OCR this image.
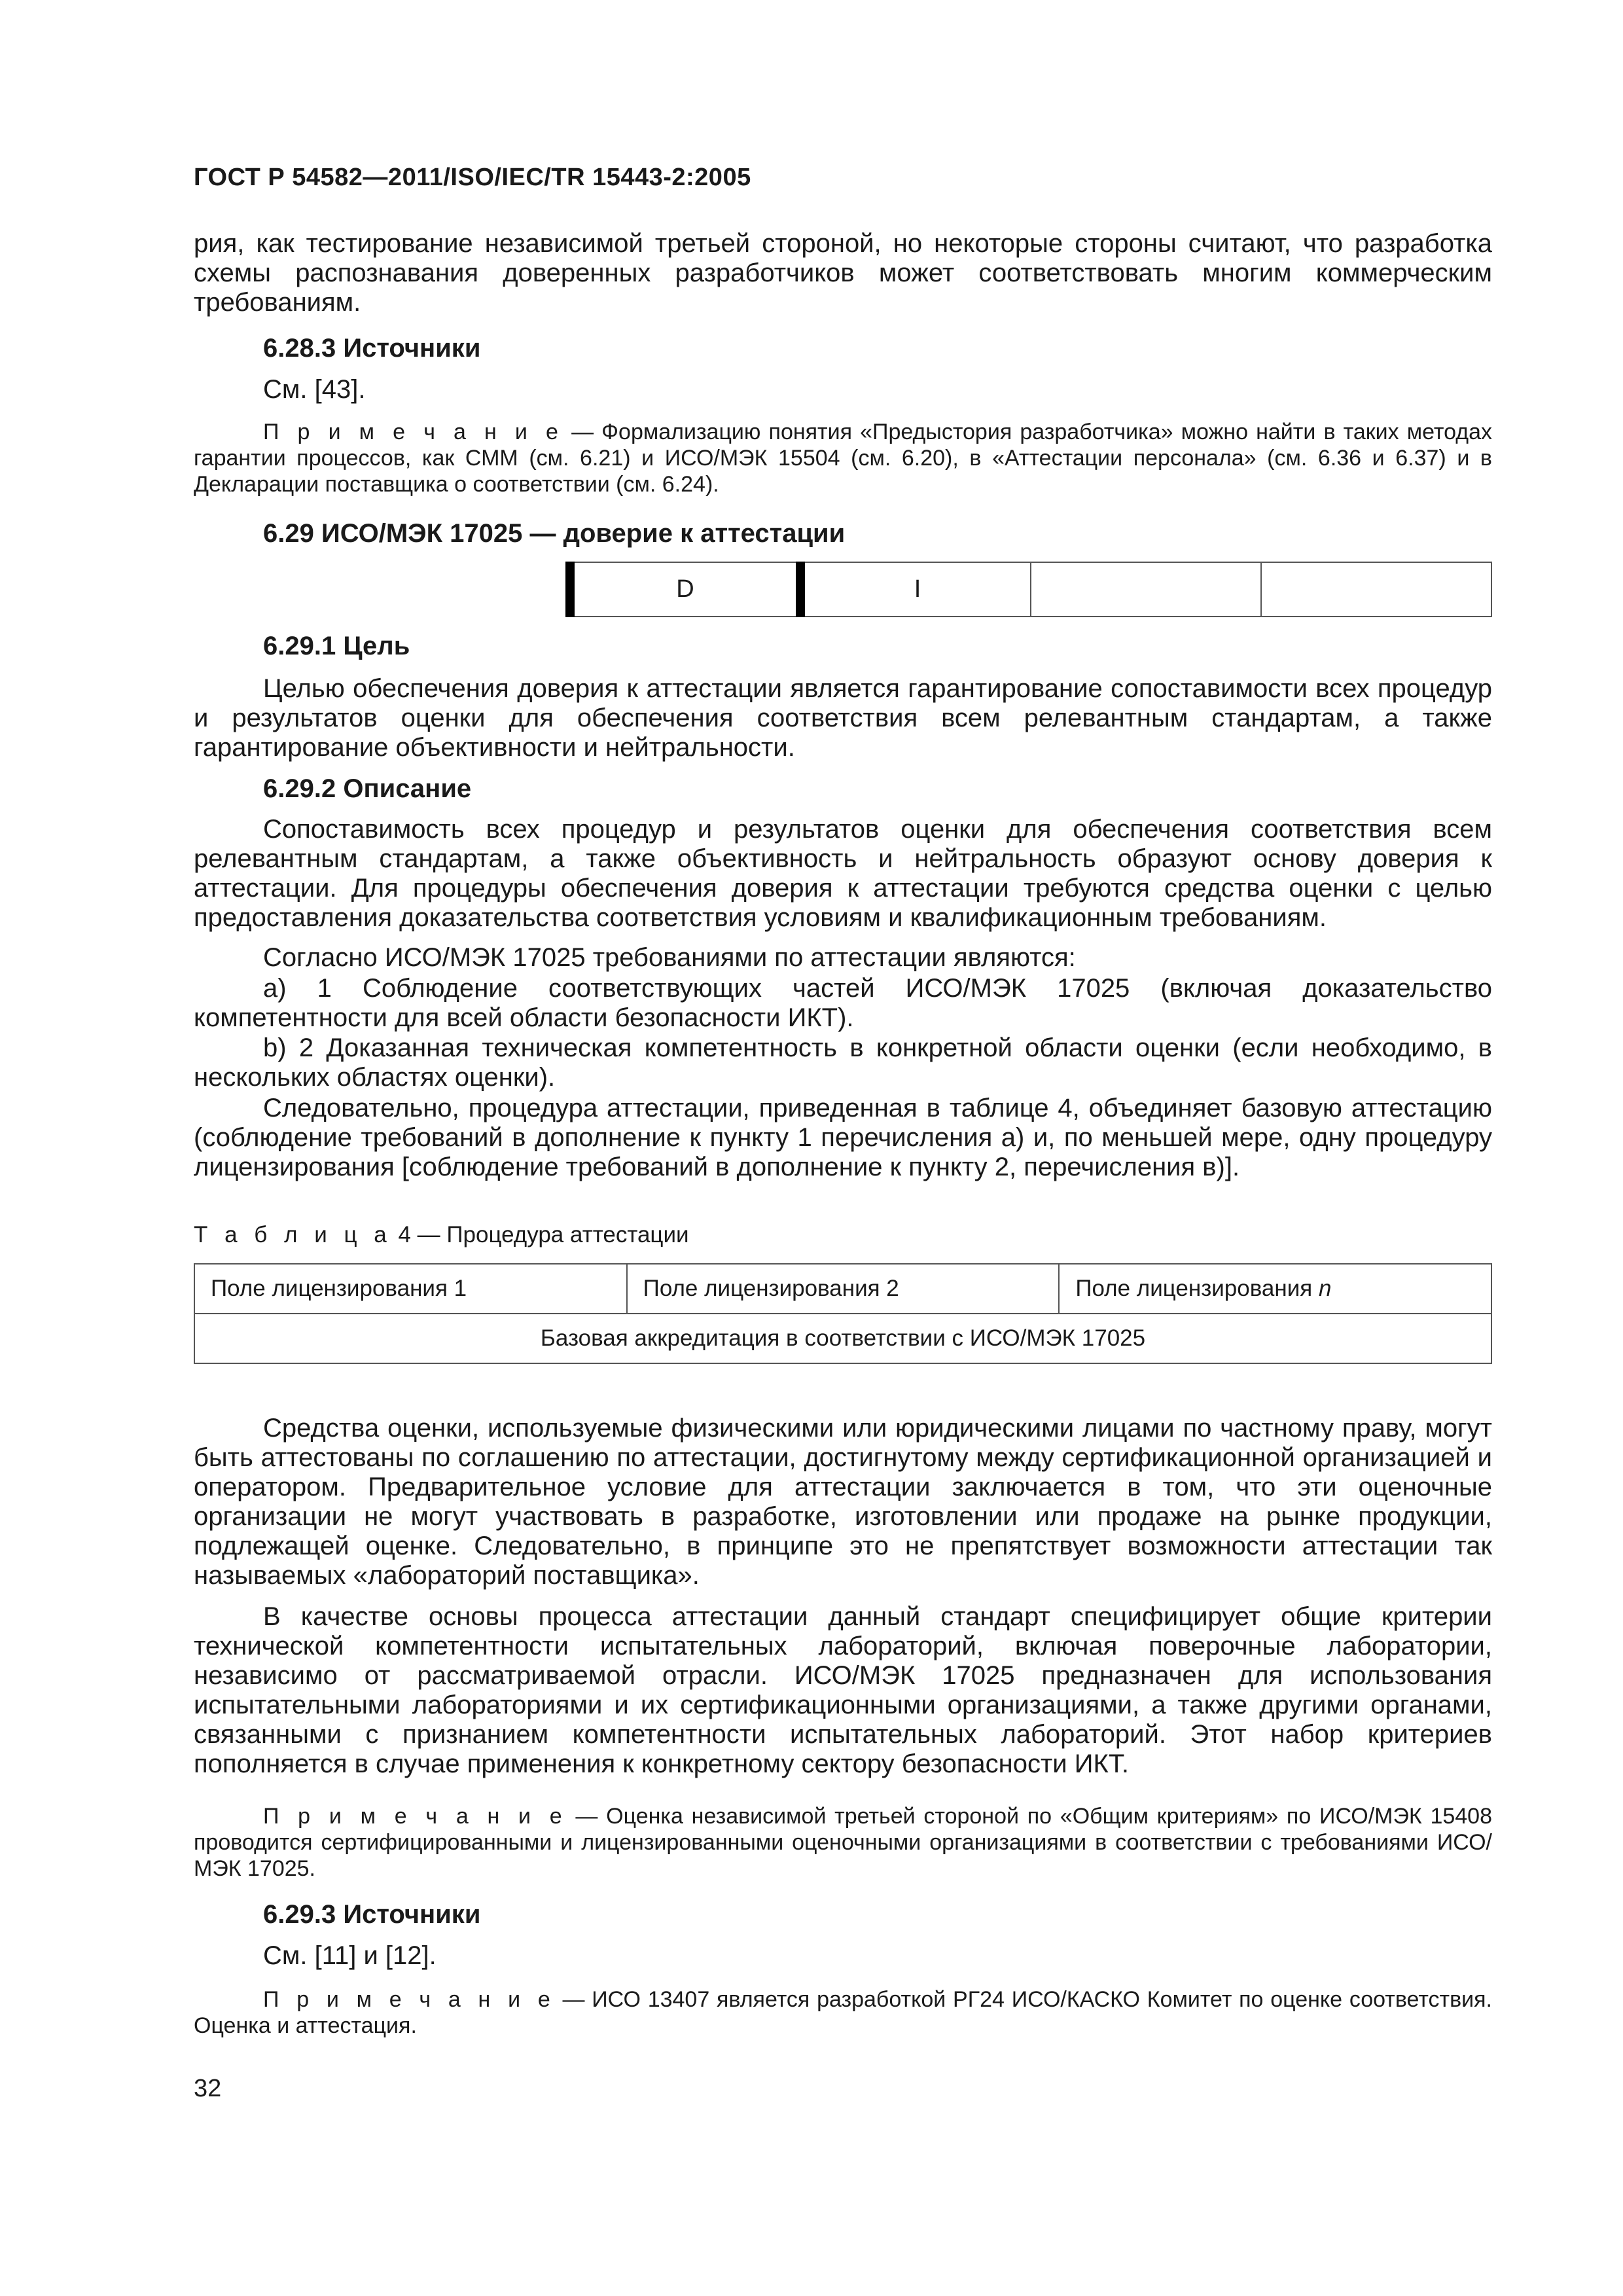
ГОСТ Р 54582—2011/ISO/IEC/TR 15443-2:2005

рия, как тестирование независимой третьей стороной, но некоторые стороны считают, что разработка схемы распознавания доверенных разработчиков может соответствовать многим коммерческим требованиям.

6.28.3 Источники

См. [43].

П р и м е ч а н и е — Формализацию понятия «Предыстория разработчика» можно найти в таких методах гарантии процессов, как СММ (см. 6.21) и ИСО/МЭК 15504 (см. 6.20), в «Аттестации персонала» (см. 6.36 и 6.37) и в Декларации поставщика о соответствии (см. 6.24).

6.29 ИСО/МЭК 17025 — доверие к аттестации

D	I		

6.29.1 Цель

Целью обеспечения доверия к аттестации является гарантирование сопоставимости всех процедур и результатов оценки для обеспечения соответствия всем релевантным стандартам, а также гарантирование объективности и нейтральности.

6.29.2 Описание

Сопоставимость всех процедур и результатов оценки для обеспечения соответствия всем релевантным стандартам, а также объективность и нейтральность образуют основу доверия к аттестации. Для процедуры обеспечения доверия к аттестации требуются средства оценки с целью предоставления доказательства соответствия условиям и квалификационным требованиям.

Согласно ИСО/МЭК 17025 требованиями по аттестации являются:

а) 1 Соблюдение соответствующих частей ИСО/МЭК 17025 (включая доказательство компетентности для всей области безопасности ИКТ).

b) 2 Доказанная техническая компетентность в конкретной области оценки (если необходимо, в нескольких областях оценки).

Следовательно, процедура аттестации, приведенная в таблице 4, объединяет базовую аттестацию (соблюдение требований в дополнение к пункту 1 перечисления а) и, по меньшей мере, одну процедуру лицензирования [соблюдение требований в дополнение к пункту 2, перечисления в)].

Т а б л и ц а 4 — Процедура аттестации
Поле лицензирования 1	Поле лицензирования 2	Поле лицензирования n
Базовая аккредитация в соответствии с ИСО/МЭК 17025

Средства оценки, используемые физическими или юридическими лицами по частному праву, могут быть аттестованы по соглашению по аттестации, достигнутому между сертификационной организацией и оператором. Предварительное условие для аттестации заключается в том, что эти оценочные организации не могут участвовать в разработке, изготовлении или продаже на рынке продукции, подлежащей оценке. Следовательно, в принципе это не препятствует возможности аттестации так называемых «лабораторий поставщика».

В качестве основы процесса аттестации данный стандарт специфицирует общие критерии технической компетентности испытательных лабораторий, включая поверочные лаборатории, независимо от рассматриваемой отрасли. ИСО/МЭК 17025 предназначен для использования испытательными лабораториями и их сертификационными организациями, а также другими органами, связанными с признанием компетентности испытательных лабораторий. Этот набор критериев пополняется в случае применения к конкретному сектору безопасности ИКТ.

П р и м е ч а н и е — Оценка независимой третьей стороной по «Общим критериям» по ИСО/МЭК 15408 проводится сертифицированными и лицензированными оценочными организациями в соответствии с требованиями ИСО/МЭК 17025.

6.29.3 Источники

См. [11] и [12].

П р и м е ч а н и е — ИСО 13407 является разработкой РГ24 ИСО/КАСКО Комитет по оценке соответствия. Оценка и аттестация.

32
